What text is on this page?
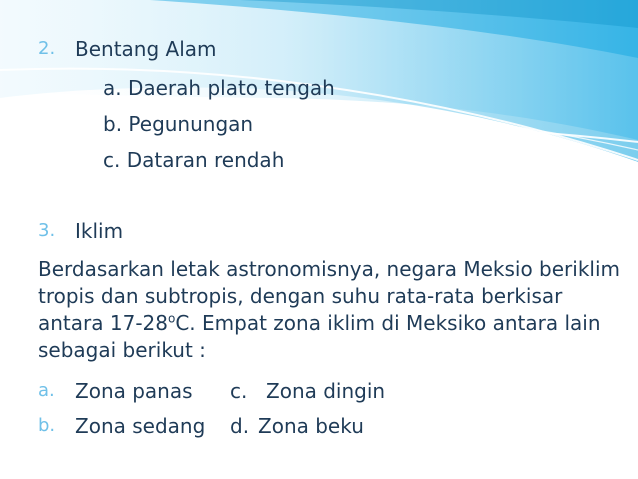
2. Bentang Alam
a. Daerah plato tengah
b. Pegunungan
c. Dataran rendah
3. Iklim
Berdasarkan letak astronomisnya, negara Meksio beriklim tropis dan subtropis, dengan suhu rata-rata berkisar antara 17-28$^o$C. Empat zona iklim di Meksiko antara lain sebagai berikut :
a. Zona panas c. Zona dingin
b. Zona sedang d. Zona beku
